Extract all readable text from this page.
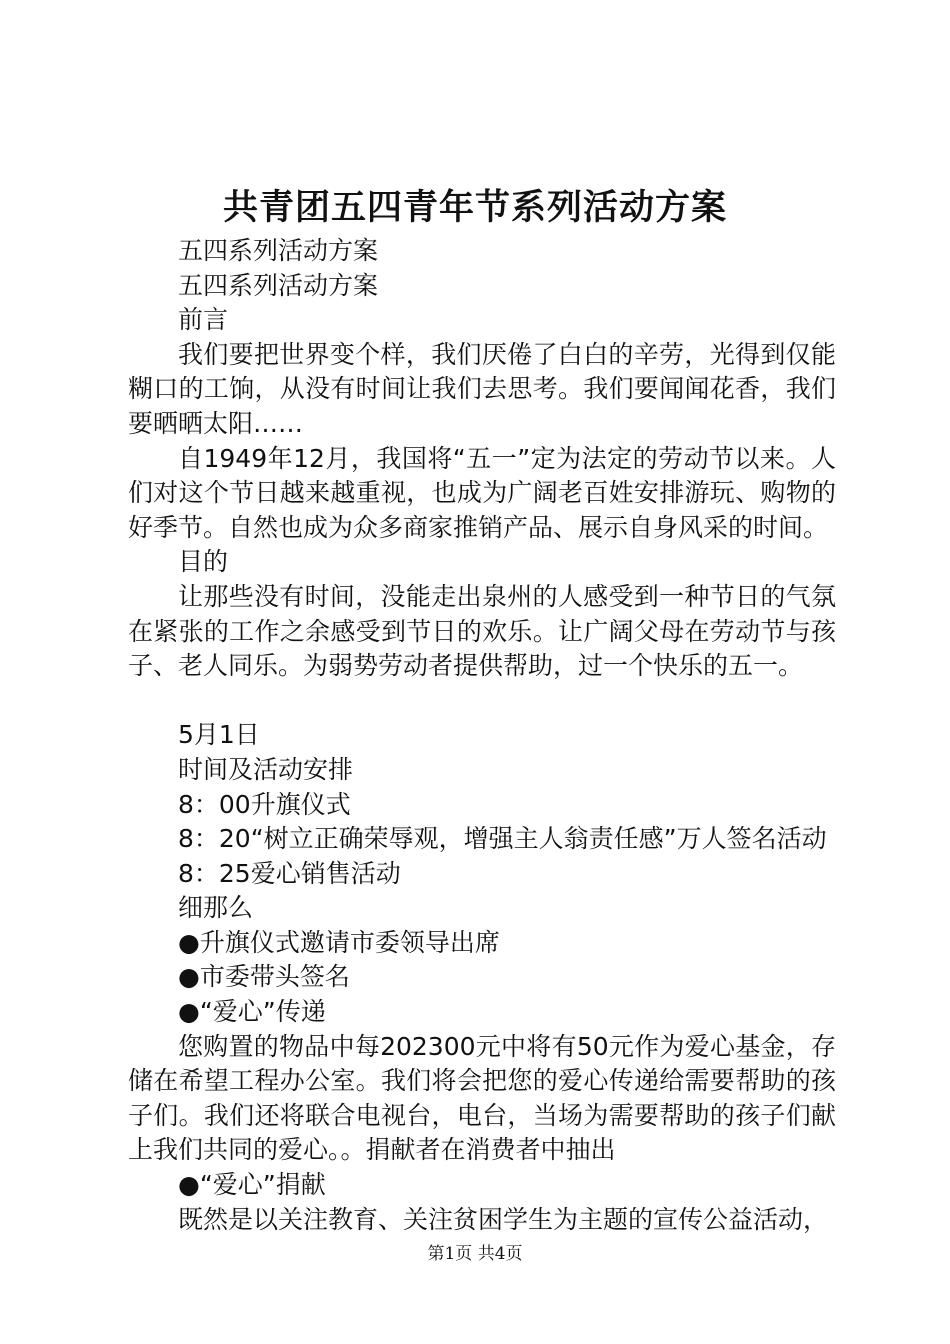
共青团五四青年节系列活动方案

五四系列活动方案

五四系列活动方案

前言

我们要把世界变个样，我们厌倦了白白的辛劳，光得到仅能糊口的工饷，从没有时间让我们去思考。我们要闻闻花香，我们要晒晒太阳……

自1949年12月，我国将“五一”定为法定的劳动节以来。人们对这个节日越来越重视，也成为广阔老百姓安排游玩、购物的好季节。自然也成为众多商家推销产品、展示自身风采的时间。

目的

让那些没有时间，没能走出泉州的人感受到一种节日的气氛在紧张的工作之余感受到节日的欢乐。让广阔父母在劳动节与孩子、老人同乐。为弱势劳动者提供帮助，过一个快乐的五一。

5月1日

时间及活动安排

8：00升旗仪式

8：20“树立正确荣辱观，增强主人翁责任感”万人签名活动

8：25爱心销售活动

细那么

●升旗仪式邀请市委领导出席

●市委带头签名

●“爱心”传递

您购置的物品中每202300元中将有50元作为爱心基金，存储在希望工程办公室。我们将会把您的爱心传递给需要帮助的孩子们。我们还将联合电视台，电台，当场为需要帮助的孩子们献上我们共同的爱心。。捐献者在消费者中抽出

●“爱心”捐献

既然是以关注教育、关注贫困学生为主题的宣传公益活动，

第1页 共4页
